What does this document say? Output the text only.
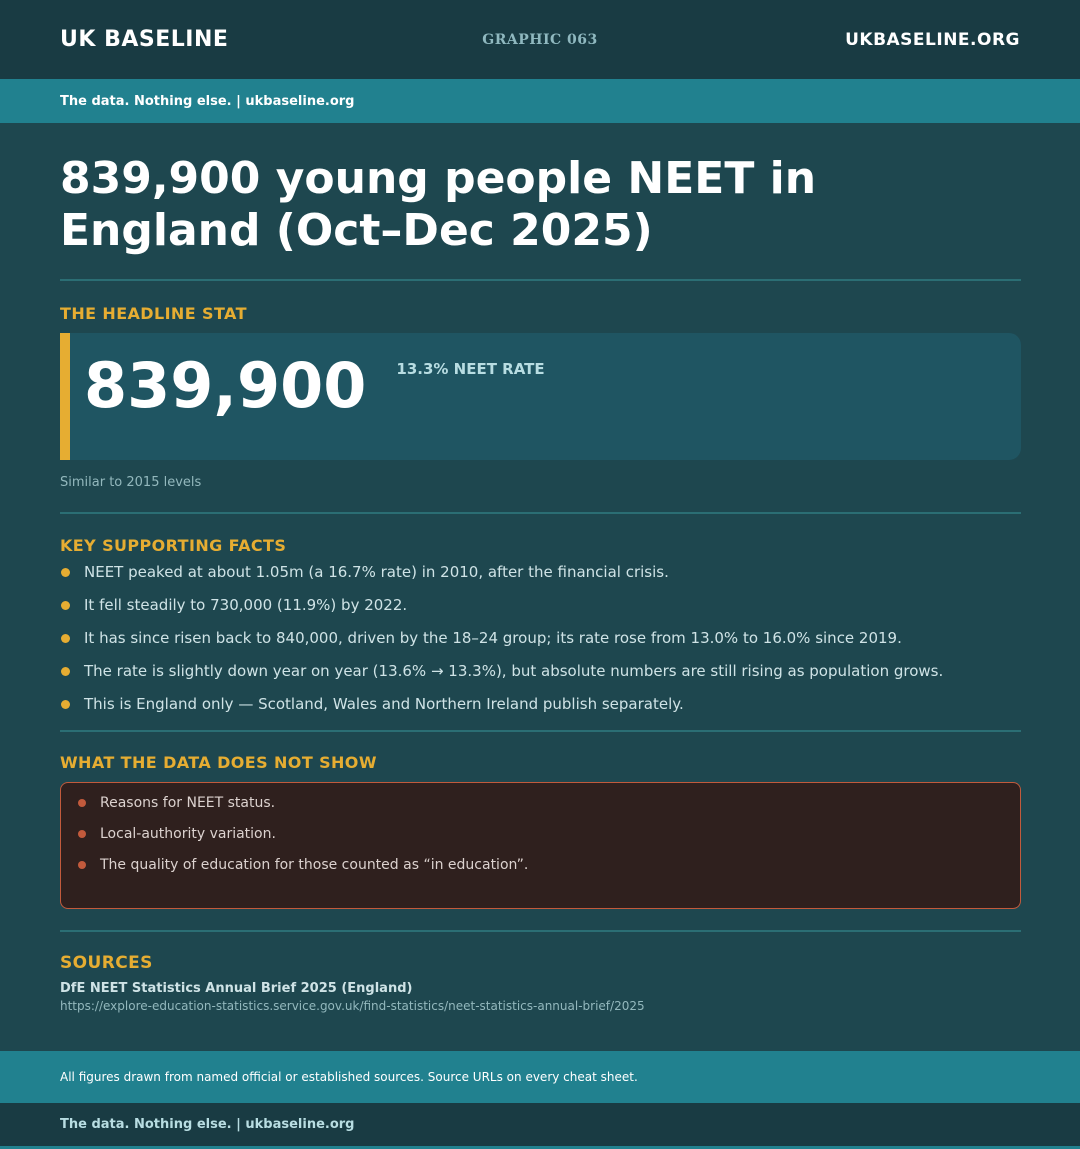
UK BASELINE	GRAPHIC 063	UKBASELINE.ORG
The data. Nothing else. | ukbaseline.org
839,900 young people NEET in England (Oct–Dec 2025)
THE HEADLINE STAT
839,900 13.3% NEET RATE
Similar to 2015 levels
KEY SUPPORTING FACTS
NEET peaked at about 1.05m (a 16.7% rate) in 2010, after the financial crisis.
It fell steadily to 730,000 (11.9%) by 2022.
It has since risen back to 840,000, driven by the 18–24 group; its rate rose from 13.0% to 16.0% since 2019.
The rate is slightly down year on year (13.6% → 13.3%), but absolute numbers are still rising as population grows.
This is England only — Scotland, Wales and Northern Ireland publish separately.
WHAT THE DATA DOES NOT SHOW
Reasons for NEET status.
Local-authority variation.
The quality of education for those counted as “in education”.
SOURCES
DfE NEET Statistics Annual Brief 2025 (England)
https://explore-education-statistics.service.gov.uk/find-statistics/neet-statistics-annual-brief/2025
All figures drawn from named official or established sources. Source URLs on every cheat sheet.
The data. Nothing else. | ukbaseline.org
